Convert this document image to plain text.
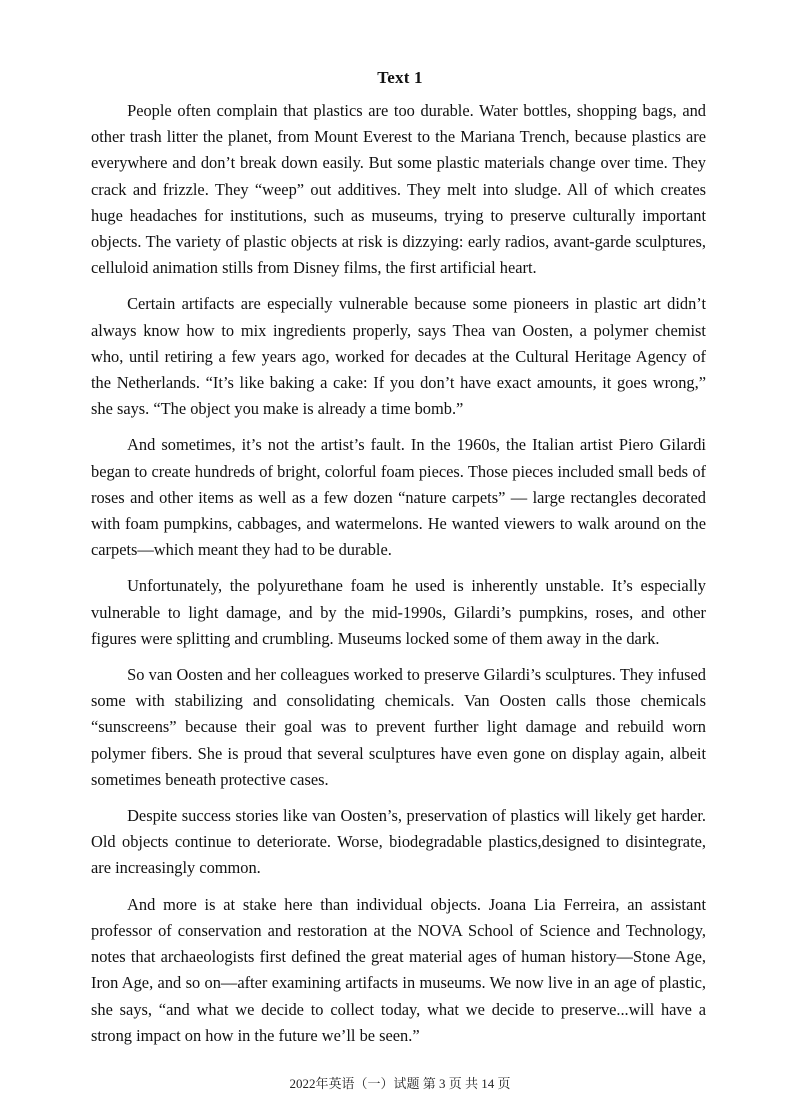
Text 1

People often complain that plastics are too durable. Water bottles, shopping bags, and other trash litter the planet, from Mount Everest to the Mariana Trench, because plastics are everywhere and don’t break down easily. But some plastic materials change over time. They crack and frizzle. They “weep” out additives. They melt into sludge. All of which creates huge headaches for institutions, such as museums, trying to preserve culturally important objects. The variety of plastic objects at risk is dizzying: early radios, avant-garde sculptures, celluloid animation stills from Disney films, the first artificial heart.

Certain artifacts are especially vulnerable because some pioneers in plastic art didn’t always know how to mix ingredients properly, says Thea van Oosten, a polymer chemist who, until retiring a few years ago, worked for decades at the Cultural Heritage Agency of the Netherlands. “It’s like baking a cake: If you don’t have exact amounts, it goes wrong,” she says. “The object you make is already a time bomb.”

And sometimes, it’s not the artist’s fault. In the 1960s, the Italian artist Piero Gilardi began to create hundreds of bright, colorful foam pieces. Those pieces included small beds of roses and other items as well as a few dozen “nature carpets” — large rectangles decorated with foam pumpkins, cabbages, and watermelons. He wanted viewers to walk around on the carpets—which meant they had to be durable.

Unfortunately, the polyurethane foam he used is inherently unstable. It’s especially vulnerable to light damage, and by the mid-1990s, Gilardi’s pumpkins, roses, and other figures were splitting and crumbling. Museums locked some of them away in the dark.

So van Oosten and her colleagues worked to preserve Gilardi’s sculptures. They infused some with stabilizing and consolidating chemicals. Van Oosten calls those chemicals “sunscreens” because their goal was to prevent further light damage and rebuild worn polymer fibers. She is proud that several sculptures have even gone on display again, albeit sometimes beneath protective cases.

Despite success stories like van Oosten’s, preservation of plastics will likely get harder. Old objects continue to deteriorate. Worse, biodegradable plastics,designed to disintegrate, are increasingly common.

And more is at stake here than individual objects. Joana Lia Ferreira, an assistant professor of conservation and restoration at the NOVA School of Science and Technology, notes that archaeologists first defined the great material ages of human history—Stone Age, Iron Age, and so on—after examining artifacts in museums. We now live in an age of plastic, she says, “and what we decide to collect today, what we decide to preserve...will have a strong impact on how in the future we’ll be seen.”

2022年英语（一）试题 第 3 页 共 14 页
